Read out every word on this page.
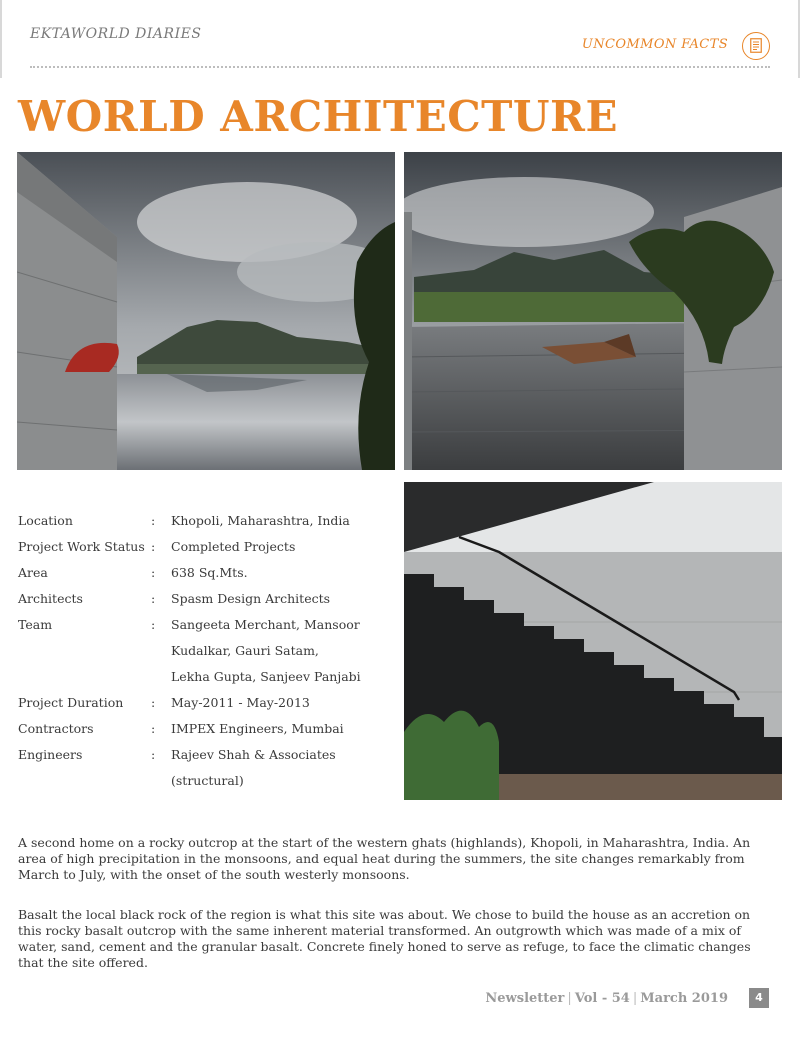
EKTAWORLD DIARIES
UNCOMMON FACTS
WORLD ARCHITECTURE
Location	:	Khopoli, Maharashtra, India
Project Work Status :	Completed Projects
Area	:	638 Sq.Mts.
Architects	:	Spasm Design Architects
Team	:	Sangeeta Merchant, Mansoor
Kudalkar, Gauri Satam,
Lekha Gupta, Sanjeev Panjabi
Project Duration	:	May-2011 - May-2013
Contractors	:	IMPEX Engineers, Mumbai
Engineers	:	Rajeev Shah & Associates
(structural)

A second home on a rocky outcrop at the start of the western ghats (highlands), Khopoli, in Maharashtra, India. An area of high precipitation in the monsoons, and equal heat during the summers, the site changes remarkably from March to July, with the onset of the south westerly monsoons.

Basalt the local black rock of the region is what this site was about. We chose to build the house as an accretion on this rocky basalt outcrop with the same inherent material transformed. An outgrowth which was made of a mix of water, sand, cement and the granular basalt. Concrete finely honed to serve as refuge, to face the climatic changes that the site offered.

Newsletter | Vol - 54 | March 2019	4
